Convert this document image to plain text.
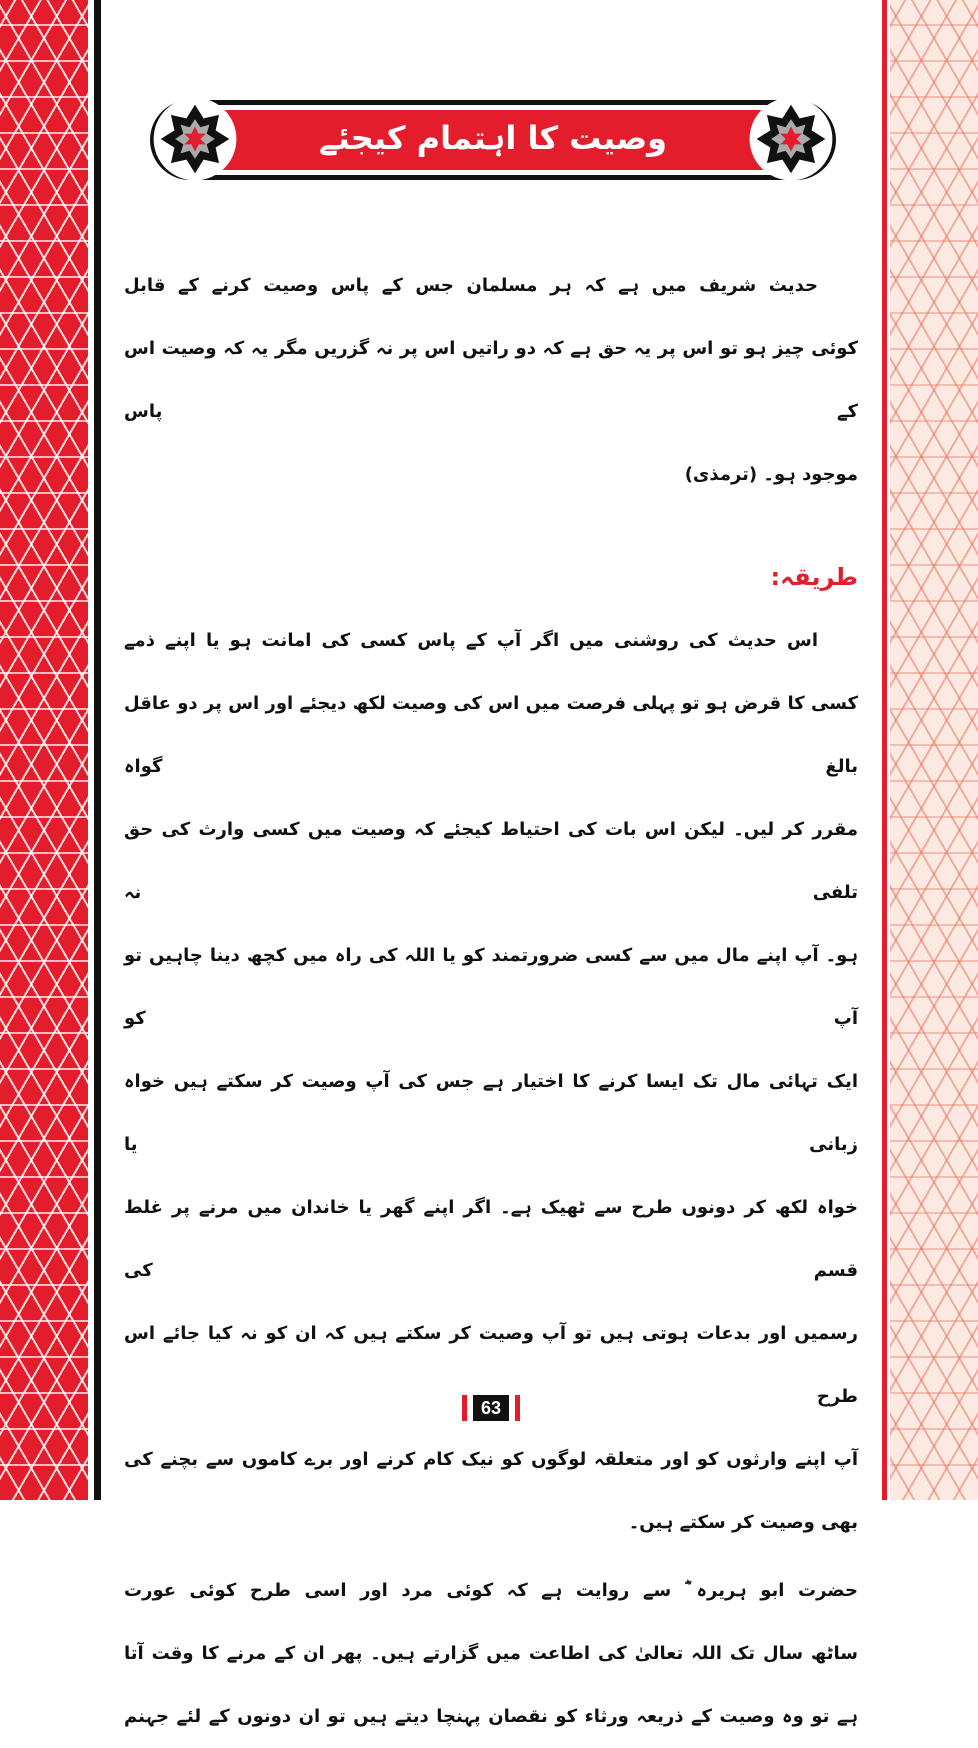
وصیت کا اہتمام کیجئے
حدیث شریف میں ہے کہ ہر مسلمان جس کے پاس وصیت کرنے کے قابل
کوئی چیز ہو تو اس پر یہ حق ہے کہ دو راتیں اس پر نہ گزریں مگر یہ کہ وصیت اس کے پاس
موجود ہو۔ (ترمذی)
طریقہ:
اس حدیث کی روشنی میں اگر آپ کے پاس کسی کی امانت ہو یا اپنے ذمے
کسی کا قرض ہو تو پہلی فرصت میں اس کی وصیت لکھ دیجئے اور اس پر دو عاقل بالغ گواہ
مقرر کر لیں۔ لیکن اس بات کی احتیاط کیجئے کہ وصیت میں کسی وارث کی حق تلفی نہ
ہو۔ آپ اپنے مال میں سے کسی ضرورتمند کو یا اللہ کی راہ میں کچھ دینا چاہیں تو آپ کو
ایک تہائی مال تک ایسا کرنے کا اختیار ہے جس کی آپ وصیت کر سکتے ہیں خواہ زبانی یا
خواہ لکھ کر دونوں طرح سے ٹھیک ہے۔ اگر اپنے گھر یا خاندان میں مرنے پر غلط قسم کی
رسمیں اور بدعات ہوتی ہیں تو آپ وصیت کر سکتے ہیں کہ ان کو نہ کیا جائے اس طرح
آپ اپنے وارثوں کو اور متعلقہ لوگوں کو نیک کام کرنے اور برے کاموں سے بچنے کی
بھی وصیت کر سکتے ہیں۔
حضرت ابو ہریرہ ؓ سے روایت ہے کہ کوئی مرد اور اسی طرح کوئی عورت
ساٹھ سال تک اللہ تعالیٰ کی اطاعت میں گزارتے ہیں۔ پھر ان کے مرنے کا وقت آتا
ہے تو وہ وصیت کے ذریعہ ورثاء کو نقصان پہنچا دیتے ہیں تو ان دونوں کے لئے جہنم
63
